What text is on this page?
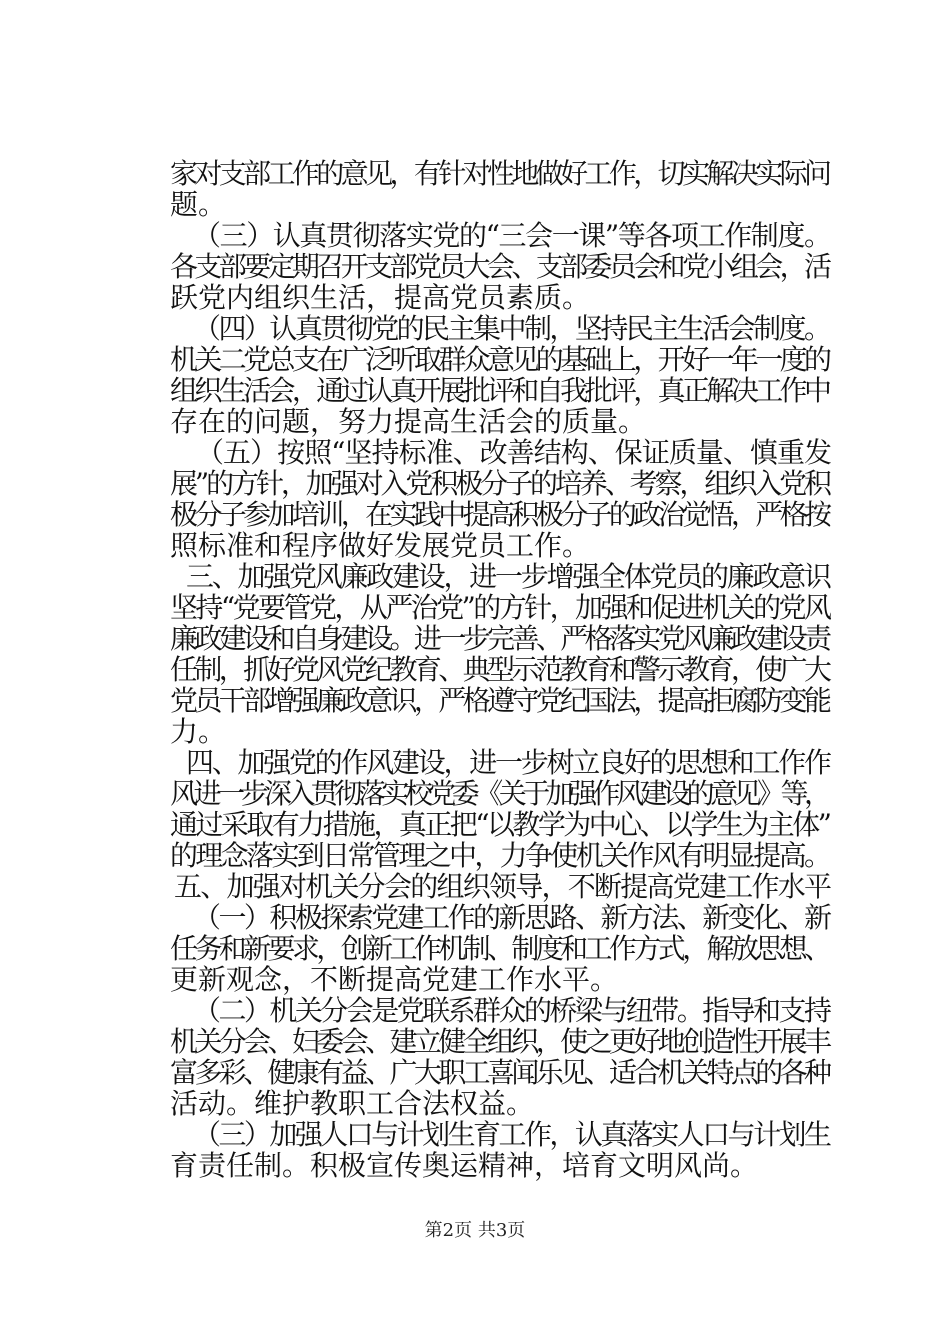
家对支部工作的意见，有针对性地做好工作，切实解决实际问

题。

（三）认真贯彻落实党的“三会一课”等各项工作制度。

各支部要定期召开支部党员大会、支部委员会和党小组会，活

跃党内组织生活，提高党员素质。

（四）认真贯彻党的民主集中制，坚持民主生活会制度。

机关二党总支在广泛听取群众意见的基础上，开好一年一度的

组织生活会，通过认真开展批评和自我批评，真正解决工作中

存在的问题，努力提高生活会的质量。

（五）按照“坚持标准、改善结构、保证质量、慎重发

展”的方针，加强对入党积极分子的培养、考察，组织入党积

极分子参加培训，在实践中提高积极分子的政治觉悟，严格按

照标准和程序做好发展党员工作。

三、加强党风廉政建设，进一步增强全体党员的廉政意识

坚持“党要管党，从严治党”的方针，加强和促进机关的党风

廉政建设和自身建设。进一步完善、严格落实党风廉政建设责

任制，抓好党风党纪教育、典型示范教育和警示教育，使广大

党员干部增强廉政意识，严格遵守党纪国法，提高拒腐防变能

力。

四、加强党的作风建设，进一步树立良好的思想和工作作

风进一步深入贯彻落实校党委《关于加强作风建设的意见》等，

通过采取有力措施，真正把“以教学为中心、以学生为主体”

的理念落实到日常管理之中，力争使机关作风有明显提高。

五、加强对机关分会的组织领导，不断提高党建工作水平

（一）积极探索党建工作的新思路、新方法、新变化、新

任务和新要求，创新工作机制、制度和工作方式，解放思想、

更新观念，不断提高党建工作水平。

（二）机关分会是党联系群众的桥梁与纽带。指导和支持

机关分会、妇委会、建立健全组织，使之更好地创造性开展丰

富多彩、健康有益、广大职工喜闻乐见、适合机关特点的各种

活动。维护教职工合法权益。

（三）加强人口与计划生育工作，认真落实人口与计划生

育责任制。积极宣传奥运精神，培育文明风尚。

第2页 共3页
